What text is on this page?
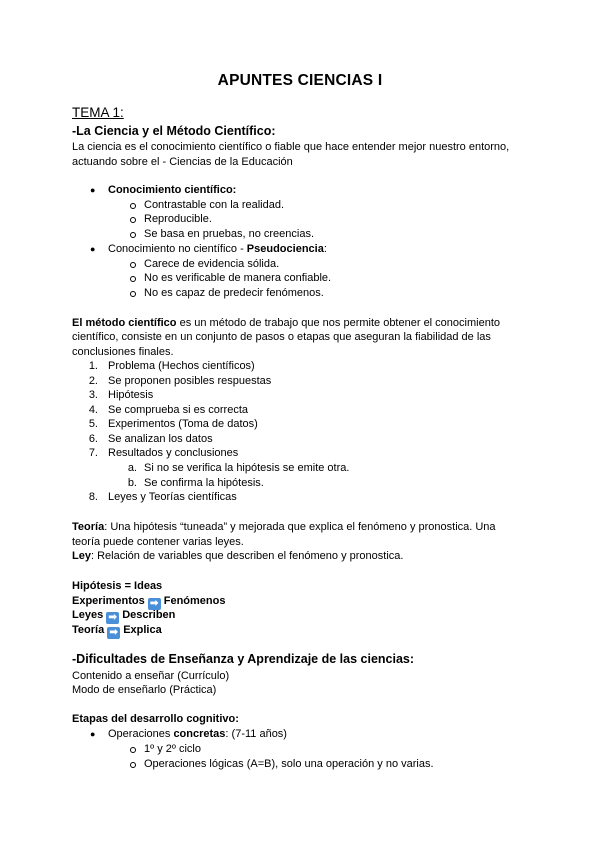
APUNTES CIENCIAS I
TEMA 1:
-La Ciencia y el Método Científico:
La ciencia es el conocimiento científico o fiable que hace entender mejor nuestro entorno,
actuando sobre el - Ciencias de la Educación
● Conocimiento científico:
Contrastable con la realidad.
Reproducible.
Se basa en pruebas, no creencias.
● Conocimiento no científico - Pseudociencia:
Carece de evidencia sólida.
No es verificable de manera confiable.
No es capaz de predecir fenómenos.
El método científico es un método de trabajo que nos permite obtener el conocimiento
científico, consiste en un conjunto de pasos o etapas que aseguran la fiabilidad de las
conclusiones finales.
1. Problema (Hechos científicos)
2. Se proponen posibles respuestas
3. Hipótesis
4. Se comprueba si es correcta
5. Experimentos (Toma de datos)
6. Se analizan los datos
7. Resultados y conclusiones
a. Si no se verifica la hipótesis se emite otra.
b. Se confirma la hipótesis.
8. Leyes y Teorías científicas
Teoría: Una hipótesis “tuneada” y mejorada que explica el fenómeno y pronostica. Una
teoría puede contener varias leyes.
Ley: Relación de variables que describen el fenómeno y pronostica.
Hipótesis = Ideas
Experimentos ➡ Fenómenos
Leyes ➡ Describen
Teoría ➡ Explica
-Dificultades de Enseñanza y Aprendizaje de las ciencias:
Contenido a enseñar (Currículo)
Modo de enseñarlo (Práctica)
Etapas del desarrollo cognitivo:
● Operaciones concretas: (7-11 años)
1º y 2º ciclo
Operaciones lógicas (A=B), solo una operación y no varias.
